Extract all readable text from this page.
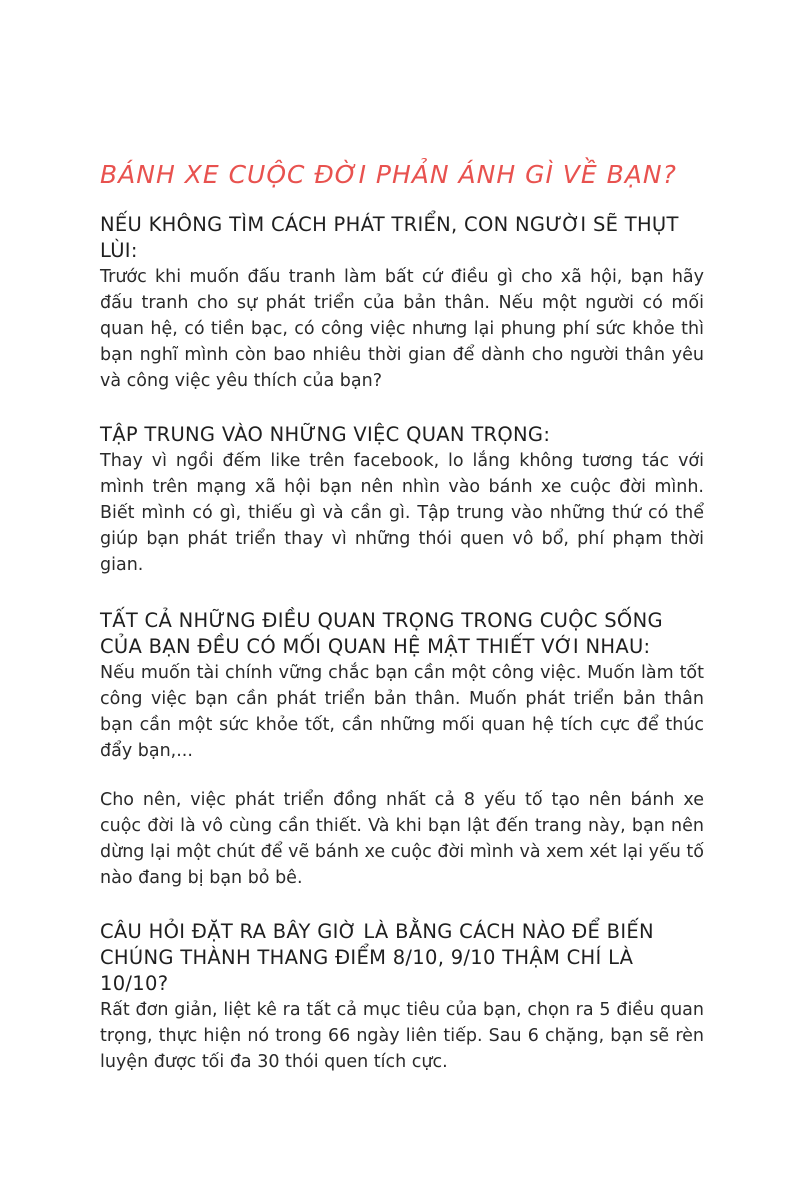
BÁNH XE CUỘC ĐỜI PHẢN ÁNH GÌ VỀ BẠN?

NẾU KHÔNG TÌM CÁCH PHÁT TRIỂN, CON NGƯỜI SẼ THỤT LÙI:

Trước khi muốn đấu tranh làm bất cứ điều gì cho xã hội, bạn hãy đấu tranh cho sự phát triển của bản thân. Nếu một người có mối quan hệ, có tiền bạc, có công việc nhưng lại phung phí sức khỏe thì bạn nghĩ mình còn bao nhiêu thời gian để dành cho người thân yêu và công việc yêu thích của bạn?

TẬP TRUNG VÀO NHỮNG VIỆC QUAN TRỌNG:

Thay vì ngồi đếm like trên facebook, lo lắng không tương tác với mình trên mạng xã hội bạn nên nhìn vào bánh xe cuộc đời mình. Biết mình có gì, thiếu gì và cần gì. Tập trung vào những thứ có thể giúp bạn phát triển thay vì những thói quen vô bổ, phí phạm thời gian.

TẤT CẢ NHỮNG ĐIỀU QUAN TRỌNG TRONG CUỘC SỐNG CỦA BẠN ĐỀU CÓ MỐI QUAN HỆ MẬT THIẾT VỚI NHAU:

Nếu muốn tài chính vững chắc bạn cần một công việc. Muốn làm tốt công việc bạn cần phát triển bản thân. Muốn phát triển bản thân bạn cần một sức khỏe tốt, cần những mối quan hệ tích cực để thúc đẩy bạn,...

Cho nên, việc phát triển đồng nhất cả 8 yếu tố tạo nên bánh xe cuộc đời là vô cùng cần thiết. Và khi bạn lật đến trang này, bạn nên dừng lại một chút để vẽ bánh xe cuộc đời mình và xem xét lại yếu tố nào đang bị bạn bỏ bê.

CÂU HỎI ĐẶT RA BÂY GIỜ LÀ BẰNG CÁCH NÀO ĐỂ BIẾN CHÚNG THÀNH THANG ĐIỂM 8/10, 9/10 THẬM CHÍ LÀ 10/10?

Rất đơn giản, liệt kê ra tất cả mục tiêu của bạn, chọn ra 5 điều quan trọng, thực hiện nó trong 66 ngày liên tiếp. Sau 6 chặng, bạn sẽ rèn luyện được tối đa 30 thói quen tích cực.
